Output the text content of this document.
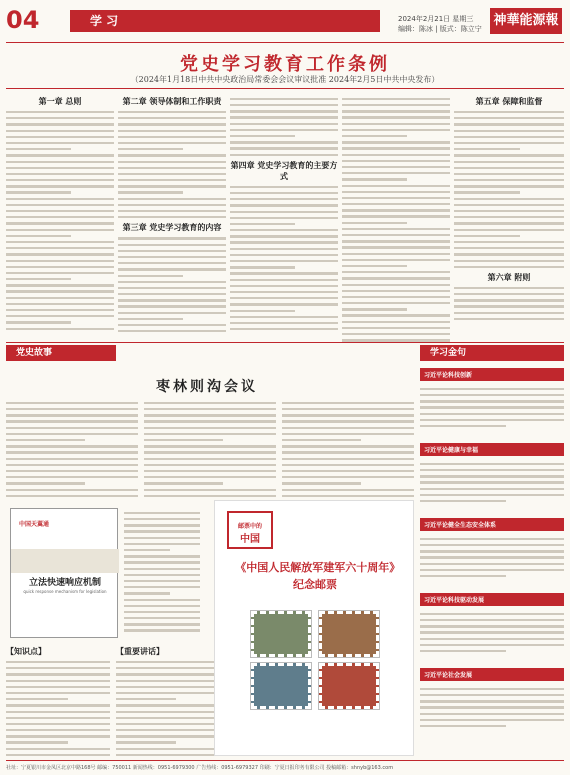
04	学 习	2024年2月21日 星期三
编辑：陈冰 | 版式：陈立宁
神華能源報
党史学习教育工作条例
（2024年1月18日中共中央政治局常委会会议审议批准 2024年2月5日中共中央发布）
第一章 总则	第二章 领导体制和工作职责
第三章 党史学习教育的内容
第四章 党史学习教育的主要方式
第五章 保障和监督
第六章 附则
党史故事	学习金句
枣林则沟会议
中国天翼通
立法快速响应机制
quick response mechanism for legislation
【知识点】	【重要讲话】
邮票中的
中国
《中国人民解放军建军六十周年》纪念邮票
习近平论科技创新
习近平论健康与幸福
习近平论健全生态安全体系
习近平论科技驱动发展
习近平论社会发展
社址：宁夏银川市金凤区北京中路168号 邮编：750011 新闻热线：0951-6979300 广告热线：0951-6979327 印刷：宁夏日报印务有限公司 投稿邮箱：shnyb@163.com
